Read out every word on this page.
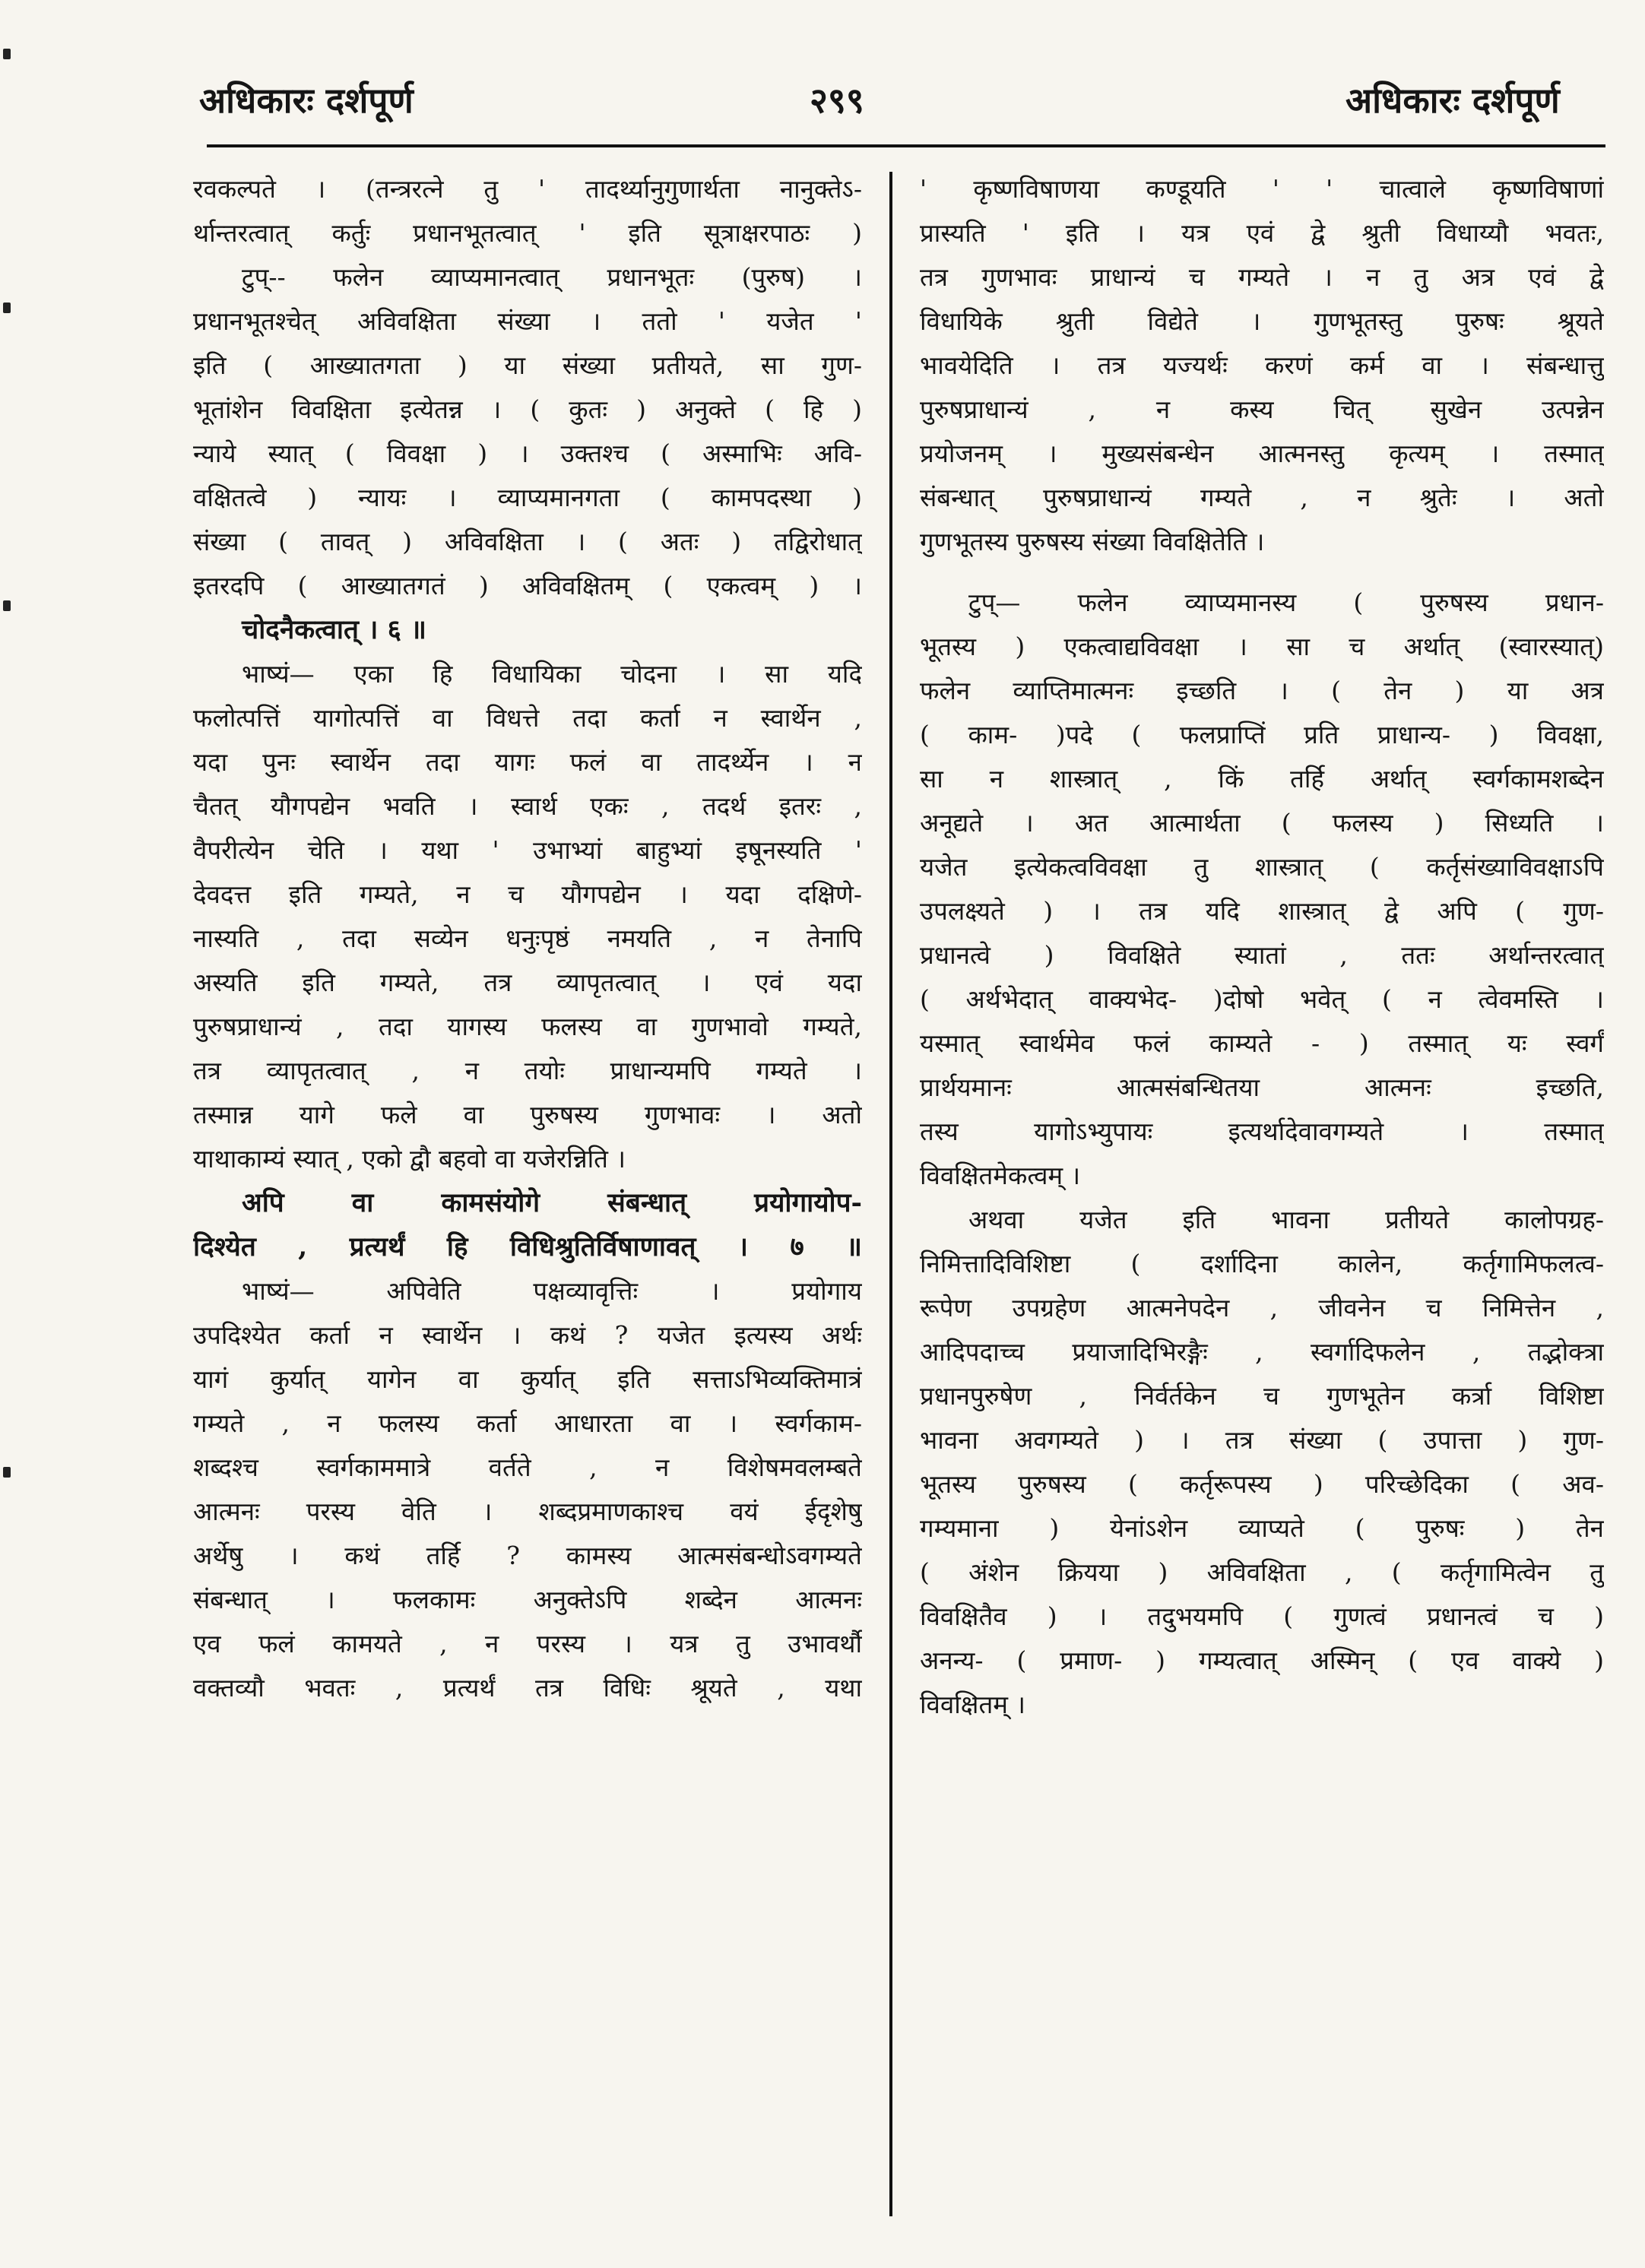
अधिकारः दर्शपूर्ण	२९९	अधिकारः दर्शपूर्ण
रवकल्पते । (तन्त्ररत्ने तु ' तादर्थ्यानुगुणार्थता नानुक्तेऽ-
र्थान्तरत्वात् कर्तुः प्रधानभूतत्वात् ' इति सूत्राक्षरपाठः )
टुप्-- फलेन व्याप्यमानत्वात् प्रधानभूतः (पुरुष) ।
प्रधानभूतश्चेत् अविवक्षिता संख्या । ततो ' यजेत '
इति ( आख्यातगता ) या संख्या प्रतीयते, सा गुण-
भूतांशेन विवक्षिता इत्येतन्न । ( कुतः ) अनुक्ते ( हि )
न्याये स्यात् ( विवक्षा ) । उक्तश्च ( अस्माभिः अवि-
वक्षितत्वे ) न्यायः । व्याप्यमानगता ( कामपदस्था )
संख्या ( तावत् ) अविवक्षिता । ( अतः ) तद्विरोधात्
इतरदपि ( आख्यातगतं ) अविवक्षितम् ( एकत्वम् ) ।
चोदनैकत्वात् । ६ ॥
भाष्यं— एका हि विधायिका चोदना । सा यदि
फलोत्पत्तिं यागोत्पत्तिं वा विधत्ते तदा कर्ता न स्वार्थेन ,
यदा पुनः स्वार्थेन तदा यागः फलं वा तादर्थ्येन । न
चैतत् यौगपद्येन भवति । स्वार्थ एकः , तदर्थ इतरः ,
वैपरीत्येन चेति । यथा ' उभाभ्यां बाहुभ्यां इषूनस्यति '
देवदत्त इति गम्यते, न च यौगपद्येन । यदा दक्षिणे-
नास्यति , तदा सव्येन धनुःपृष्ठं नमयति , न तेनापि
अस्यति इति गम्यते, तत्र व्यापृतत्वात् । एवं यदा
पुरुषप्राधान्यं , तदा यागस्य फलस्य वा गुणभावो गम्यते,
तत्र व्यापृतत्वात् , न तयोः प्राधान्यमपि गम्यते ।
तस्मान्न यागे फले वा पुरुषस्य गुणभावः । अतो
याथाकाम्यं स्यात् , एको द्वौ बहवो वा यजेरन्निति ।
अपि वा कामसंयोगे संबन्धात् प्रयोगायोप-
दिश्येत , प्रत्यर्थं हि विधिश्रुतिर्विषाणावत् । ७ ॥
भाष्यं— अपिवेति पक्षव्यावृत्तिः । प्रयोगाय
उपदिश्येत कर्ता न स्वार्थेन । कथं ? यजेत इत्यस्य अर्थः
यागं कुर्यात् यागेन वा कुर्यात् इति सत्ताऽभिव्यक्तिमात्रं
गम्यते , न फलस्य कर्ता आधारता वा । स्वर्गकाम-
शब्दश्च स्वर्गकाममात्रे वर्तते , न विशेषमवलम्बते
आत्मनः परस्य वेति । शब्दप्रमाणकाश्च वयं ईदृशेषु
अर्थेषु । कथं तर्हि ? कामस्य आत्मसंबन्धोऽवगम्यते
संबन्धात् । फलकामः अनुक्तेऽपि शब्देन आत्मनः
एव फलं कामयते , न परस्य । यत्र तु उभावर्थौ
वक्तव्यौ भवतः , प्रत्यर्थं तत्र विधिः श्रूयते , यथा
' कृष्णविषाणया कण्डूयति ' ' चात्वाले कृष्णविषाणां
प्रास्यति ' इति । यत्र एवं द्वे श्रुती विधाय्यौ भवतः,
तत्र गुणभावः प्राधान्यं च गम्यते । न तु अत्र एवं द्वे
विधायिके श्रुती विद्येते । गुणभूतस्तु पुरुषः श्रूयते
भावयेदिति । तत्र यज्यर्थः करणं कर्म वा । संबन्धात्तु
पुरुषप्राधान्यं , न कस्य चित् सुखेन उत्पन्नेन
प्रयोजनम् । मुख्यसंबन्धेन आत्मनस्तु कृत्यम् । तस्मात्
संबन्धात् पुरुषप्राधान्यं गम्यते , न श्रुतेः । अतो
गुणभूतस्य पुरुषस्य संख्या विवक्षितेति ।
टुप्— फलेन व्याप्यमानस्य ( पुरुषस्य प्रधान-
भूतस्य ) एकत्वाद्यविवक्षा । सा च अर्थात् (स्वारस्यात्)
फलेन व्याप्तिमात्मनः इच्छति । ( तेन ) या अत्र
( काम- )पदे ( फलप्राप्तिं प्रति प्राधान्य- ) विवक्षा,
सा न शास्त्रात् , किं तर्हि अर्थात् स्वर्गकामशब्देन
अनूद्यते । अत आत्मार्थता ( फलस्य ) सिध्यति ।
यजेत इत्येकत्वविवक्षा तु शास्त्रात् ( कर्तृसंख्याविवक्षाऽपि
उपलक्ष्यते ) । तत्र यदि शास्त्रात् द्वे अपि ( गुण-
प्रधानत्वे ) विवक्षिते स्यातां , ततः अर्थान्तरत्वात्
( अर्थभेदात् वाक्यभेद- )दोषो भवेत् ( न त्वेवमस्ति ।
यस्मात् स्वार्थमेव फलं काम्यते - ) तस्मात् यः स्वर्गं
प्रार्थयमानः आत्मसंबन्धितया आत्मनः इच्छति,
तस्य यागोऽभ्युपायः इत्यर्थादेवावगम्यते । तस्मात्
विवक्षितमेकत्वम् ।
अथवा यजेत इति भावना प्रतीयते कालोपग्रह-
निमित्तादिविशिष्टा ( दर्शादिना कालेन, कर्तृगामिफलत्व-
रूपेण उपग्रहेण आत्मनेपदेन , जीवनेन च निमित्तेन ,
आदिपदाच्च प्रयाजादिभिरङ्गैः , स्वर्गादिफलेन , तद्भोक्त्रा
प्रधानपुरुषेण , निर्वर्तकेन च गुणभूतेन कर्त्रा विशिष्टा
भावना अवगम्यते ) । तत्र संख्या ( उपात्ता ) गुण-
भूतस्य पुरुषस्य ( कर्तृरूपस्य ) परिच्छेदिका ( अव-
गम्यमाना ) येनांऽशेन व्याप्यते ( पुरुषः ) तेन
( अंशेन क्रियया ) अविवक्षिता , ( कर्तृगामित्वेन तु
विवक्षितैव ) । तदुभयमपि ( गुणत्वं प्रधानत्वं च )
अनन्य- ( प्रमाण- ) गम्यत्वात् अस्मिन् ( एव वाक्ये )
विवक्षितम् ।
